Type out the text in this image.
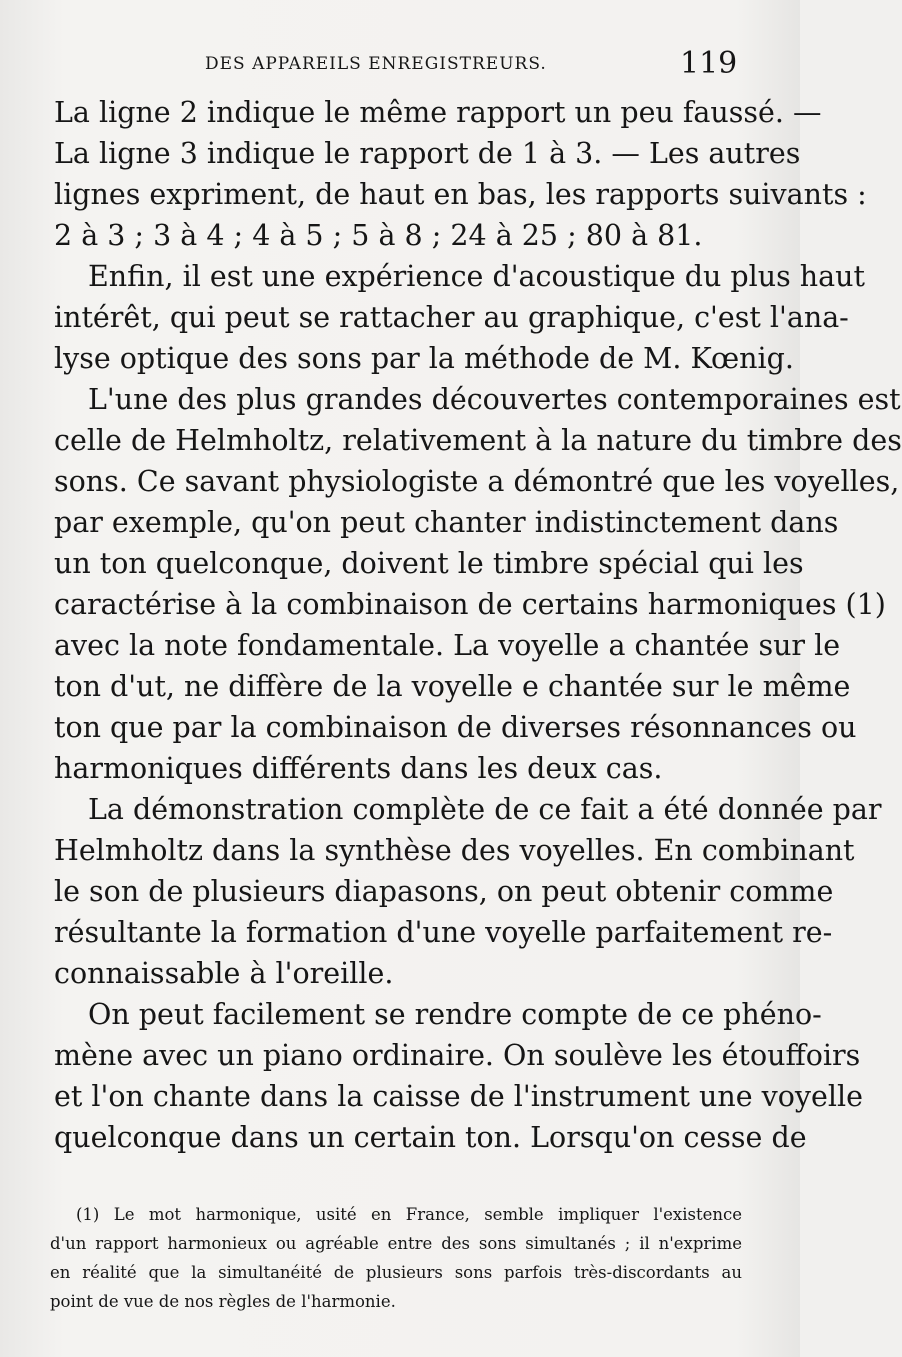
DES APPAREILS ENREGISTREURS.	119
La ligne 2 indique le même rapport un peu faussé. —
La ligne 3 indique le rapport de 1 à 3. — Les autres
lignes expriment, de haut en bas, les rapports suivants :
2 à 3 ; 3 à 4 ; 4 à 5 ; 5 à 8 ; 24 à 25 ; 80 à 81.
Enfin, il est une expérience d'acoustique du plus haut
intérêt, qui peut se rattacher au graphique, c'est l'ana-
lyse optique des sons par la méthode de M. Kœnig.
L'une des plus grandes découvertes contemporaines est
celle de Helmholtz, relativement à la nature du timbre des
sons. Ce savant physiologiste a démontré que les voyelles,
par exemple, qu'on peut chanter indistinctement dans
un ton quelconque, doivent le timbre spécial qui les
caractérise à la combinaison de certains harmoniques (1)
avec la note fondamentale. La voyelle a chantée sur le
ton d'ut, ne diffère de la voyelle e chantée sur le même
ton que par la combinaison de diverses résonnances ou
harmoniques différents dans les deux cas.
La démonstration complète de ce fait a été donnée par
Helmholtz dans la synthèse des voyelles. En combinant
le son de plusieurs diapasons, on peut obtenir comme
résultante la formation d'une voyelle parfaitement re-
connaissable à l'oreille.
On peut facilement se rendre compte de ce phéno-
mène avec un piano ordinaire. On soulève les étouffoirs
et l'on chante dans la caisse de l'instrument une voyelle
quelconque dans un certain ton. Lorsqu'on cesse de
(1) Le mot harmonique, usité en France, semble impliquer l'existence
d'un rapport harmonieux ou agréable entre des sons simultanés ; il n'exprime
en réalité que la simultanéité de plusieurs sons parfois très-discordants au
point de vue de nos règles de l'harmonie.
